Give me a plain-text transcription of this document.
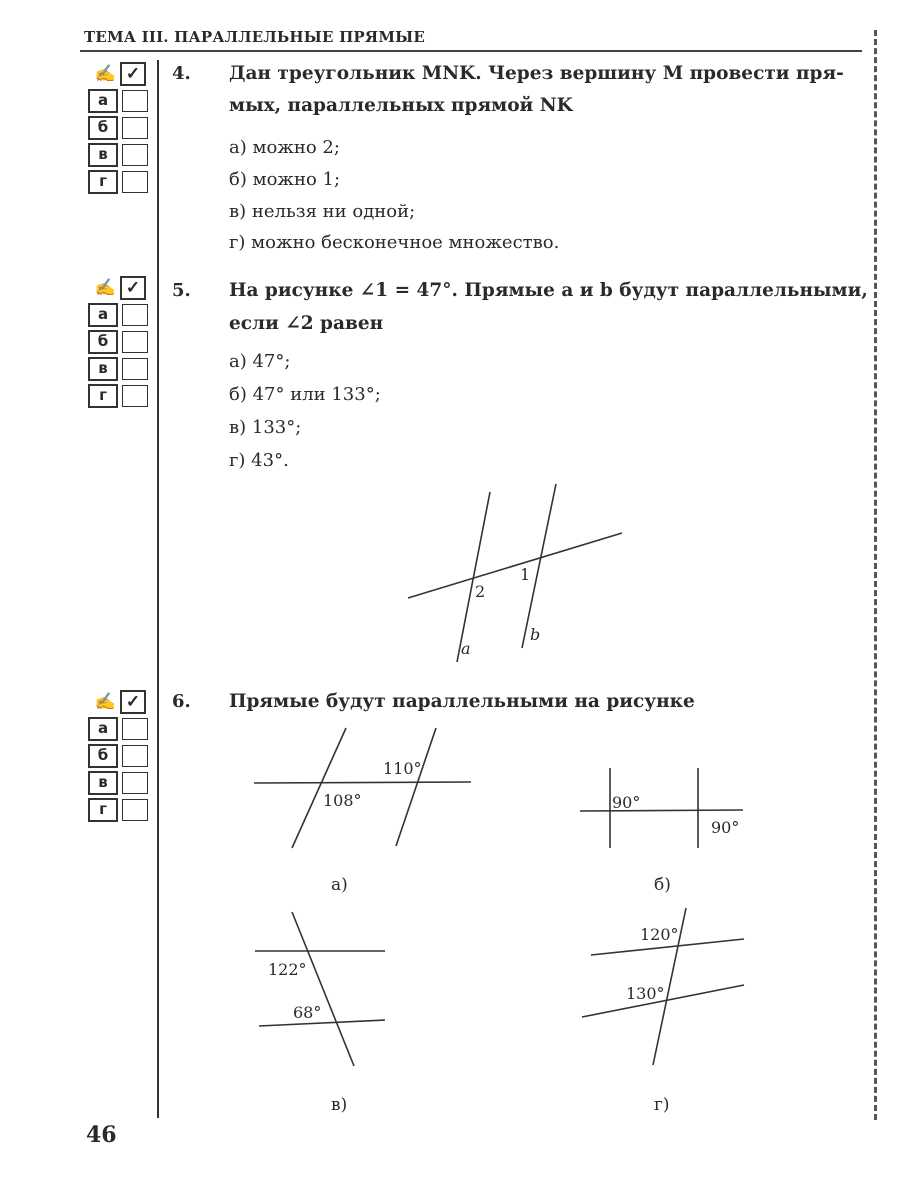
ТЕМА III. ПАРАЛЛЕЛЬНЫЕ ПРЯМЫЕ
✍ ✓
а
б
в
г
✍ ✓
а
б
в
г
✍ ✓
а
б
в
г
4. Дан треугольник MNK. Через вершину M провести пря-
мых, параллельных прямой NK
а) можно 2;
б) можно 1;
в) нельзя ни одной;
г) можно бесконечное множество.
5. На рисунке ∠1 = 47°. Прямые a и b будут параллельными,
если ∠2 равен
а) 47°;
б) 47° или 133°;
в) 133°;
г) 43°.
6. Прямые будут параллельными на рисунке
2
1
a
b
110°
108°	90°
90°
122°
68°
120°
130°
а)	б)
в)	г)
46
